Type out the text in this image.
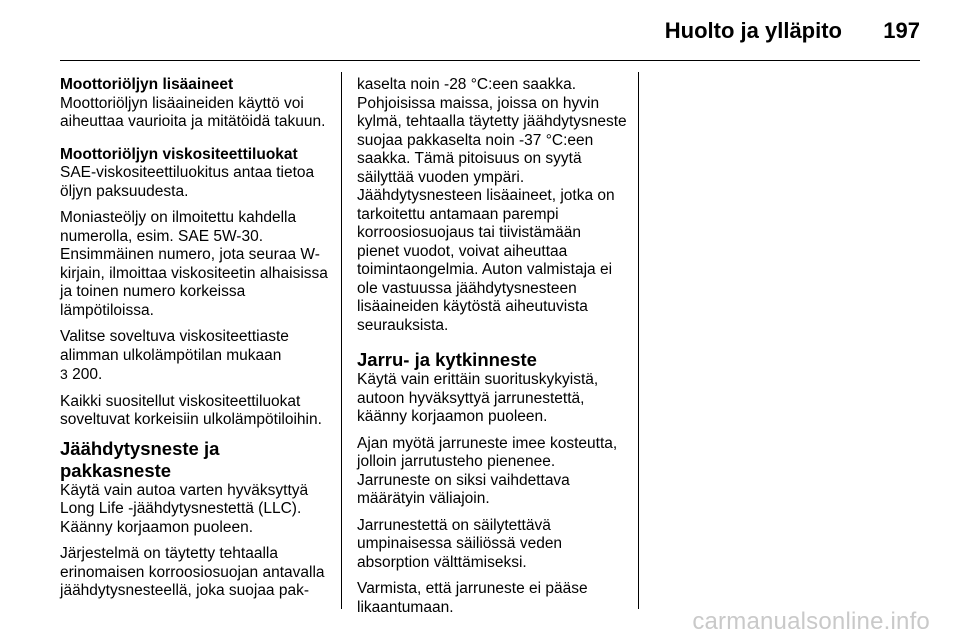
Huolto ja ylläpito 197
Moottoriöljyn lisäaineet
Moottoriöljyn lisäaineiden käyttö voi aiheuttaa vaurioita ja mitätöidä takuun.
Moottoriöljyn viskositeettiluokat
SAE-viskositeettiluokitus antaa tietoa öljyn paksuudesta.
Moniasteöljy on ilmoitettu kahdella numerolla, esim. SAE 5W-30. Ensimmäinen numero, jota seuraa W-kirjain, ilmoittaa viskositeetin alhaisissa ja toinen numero korkeissa lämpötiloissa.
Valitse soveltuva viskositeettiaste alimman ulkolämpötilan mukaan
3 200.
Kaikki suositellut viskositeettiluokat soveltuvat korkeisiin ulkolämpötiloihin.
Jäähdytysneste ja pakkasneste
Käytä vain autoa varten hyväksyttyä Long Life -jäähdytysnestettä (LLC). Käänny korjaamon puoleen.
Järjestelmä on täytetty tehtaalla erinomaisen korroosiosuojan antavalla jäähdytysnesteellä, joka suojaa pak-
kaselta noin -28 °C:een saakka. Pohjoisissa maissa, joissa on hyvin kylmä, tehtaalla täytetty jäähdytysneste suojaa pakkaselta noin -37 °C:een saakka. Tämä pitoisuus on syytä säilyttää vuoden ympäri. Jäähdytysnesteen lisäaineet, jotka on tarkoitettu antamaan parempi korroosiosuojaus tai tiivistämään pienet vuodot, voivat aiheuttaa toimintaongelmia. Auton valmistaja ei ole vastuussa jäähdytysnesteen lisäaineiden käytöstä aiheutuvista seurauksista.
Jarru- ja kytkinneste
Käytä vain erittäin suorituskykyistä, autoon hyväksyttyä jarrunestettä, käänny korjaamon puoleen.
Ajan myötä jarruneste imee kosteutta, jolloin jarrutusteho pienenee. Jarruneste on siksi vaihdettava määrätyin väliajoin.
Jarrunestettä on säilytettävä umpinaisessa säiliössä veden absorption välttämiseksi.
Varmista, että jarruneste ei pääse likaantumaan.
carmanualsonline.info
